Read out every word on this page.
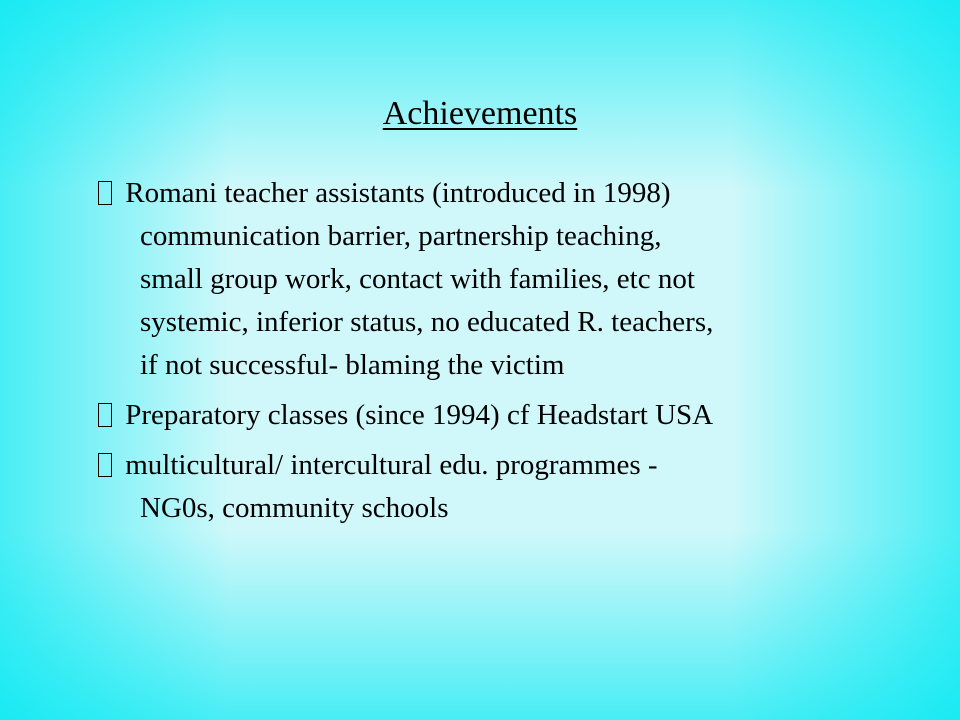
Achievements
Romani teacher assistants (introduced in 1998)
communication barrier, partnership teaching,
small group work, contact with families, etc not
systemic, inferior status, no educated R. teachers,
if not successful- blaming the victim
Preparatory classes (since 1994) cf Headstart USA
multicultural/ intercultural edu. programmes -
NG0s, community schools
